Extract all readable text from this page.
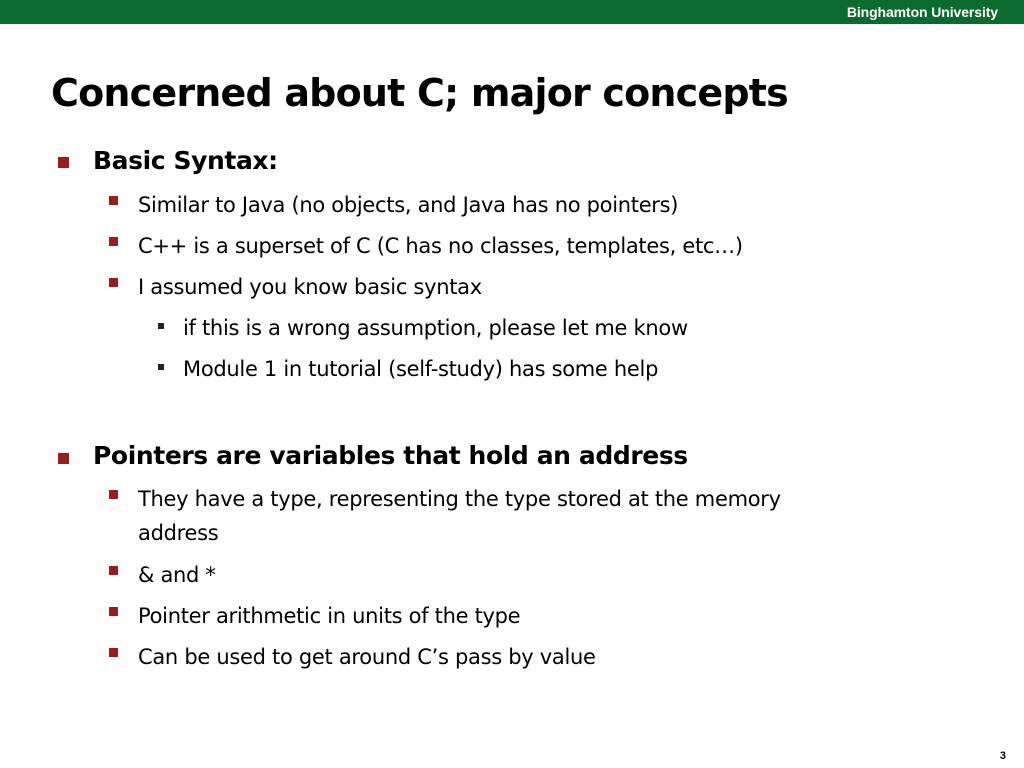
Binghamton University
Concerned about C; major concepts
Basic Syntax:
Similar to Java (no objects, and Java has no pointers)
C++ is a superset of C (C has no classes, templates, etc…)
I assumed you know basic syntax
if this is a wrong assumption, please let me know
Module 1 in tutorial (self-study) has some help
Pointers are variables that hold an address
They have a type, representing the type stored at the memory
address
& and *
Pointer arithmetic in units of the type
Can be used to get around C’s pass by value
3
